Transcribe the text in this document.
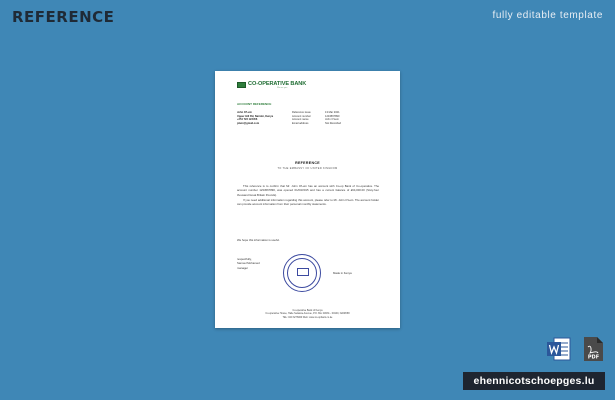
REFERENCE	fully editable template
CO-OPERATIVE BANK
We are you
ACCOUNT REFERENCE
John O'Lein
Upper Hill Rd, Nairobi, Kenya
+254 722 123456
jolein@gmail.com
Reference issue	13 Mar 2021
Account number	1234567890
Account name	John O'Lein
Email address	Not Recorded
REFERENCE
TO THE EMBASSY OF UNITED KINGDOM

This reference is to confirm that Mr. John O'Lein has an account with Co-op Bank of Co-operative. The account number 1234567890, was opened 01/03/2015 and has a current balance of £64,000.00 (Sixty-four thousand Great Britain Pounds).

If you need additional information regarding this account, please refer to Mr. John O'Lein. The account holder can provide account information from their personal monthly statements.

We hope this information is useful.
respectfully,
Samuel Mohamed
manager
Made in Kenya
Co-operative Bank of Kenya
Co-operative House, Haile Selassie Avenue, P.O. Box 48231 - 00100, NAIROBI
TEL: 020 3276000 Web: www.co-opbank.co.ke
PDF
ehennicotschoepges.lu
